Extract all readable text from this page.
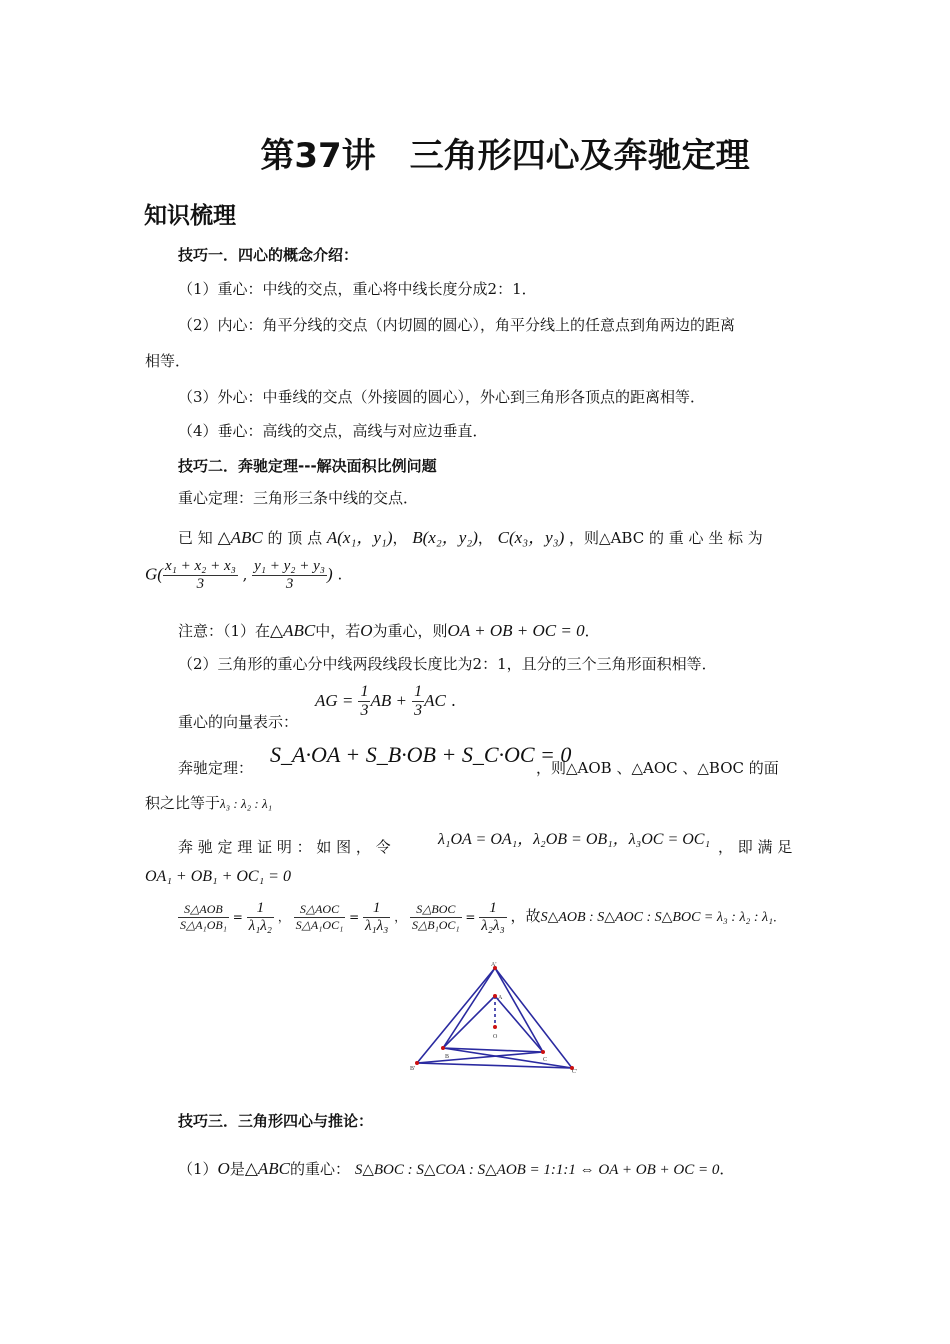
第37讲　三角形四心及奔驰定理
知识梳理
技巧一．四心的概念介绍：
（1）重心：中线的交点，重心将中线长度分成2：1．
（2）内心：角平分线的交点（内切圆的圆心），角平分线上的任意点到角两边的距离
相等．
（3）外心：中垂线的交点（外接圆的圆心），外心到三角形各顶点的距离相等．
（4）垂心：高线的交点，高线与对应边垂直．
技巧二．奔驰定理---解决面积比例问题
重心定理：三角形三条中线的交点．
已 知 △ABC 的 顶 点 A(x₁，y₁)， B(x₂，y₂)， C(x₃，y₃) ，则△ABC 的 重 心 坐 标 为
$G( \frac{\text{x₁ + x₂ + x₃}}{3}$ , $\frac{\text{y₁ + y₂ + y₃}}{3}$ ) .
注意：（1）在△ABC中，若O为重心，则OA + OB + OC = 0．
（2）三角形的重心分中线两段线段长度比为2：1，且分的三个三角形面积相等．
重心的向量表示：
AG = $\frac{1}{3}$ AB + $\frac{1}{3}$ AC .
奔驰定理：
S_A·OA + S_B·OB + S_C·OC = 0
，则△AOB 、△AOC 、△BOC 的面
积之比等于λ₃ : λ₂ : λ₁
奔 驰 定 理 证 明 ： 如 图 ， 令	λ₁OA = OA₁，λ₂OB = OB₁，λ₃OC = OC₁ ， 即 满 足
OA₁ + OB₁ + OC₁ = 0
$\frac{\text{S△AOB}}{\text{S△A₁OB₁}} = \frac{1}{\text{λ₁λ₂}}$ ， $\frac{\text{S△AOC}}{\text{S△A₁OC₁}} = \frac{1}{\text{λ₁λ₃}}$ ， $\frac{\text{S△BOC}}{\text{S△B₁OC₁}} = \frac{1}{\text{λ₂λ₃}}$ ，故S△AOB : S△AOC : S△BOC = λ₃ : λ₂ : λ₁．
A'
A
O
B	C
B'	C'
技巧三．三角形四心与推论：
（1）O是△ABC的重心： S△BOC : S△COA : S△AOB = 1:1:1 ⇔ OA + OB + OC = 0．
